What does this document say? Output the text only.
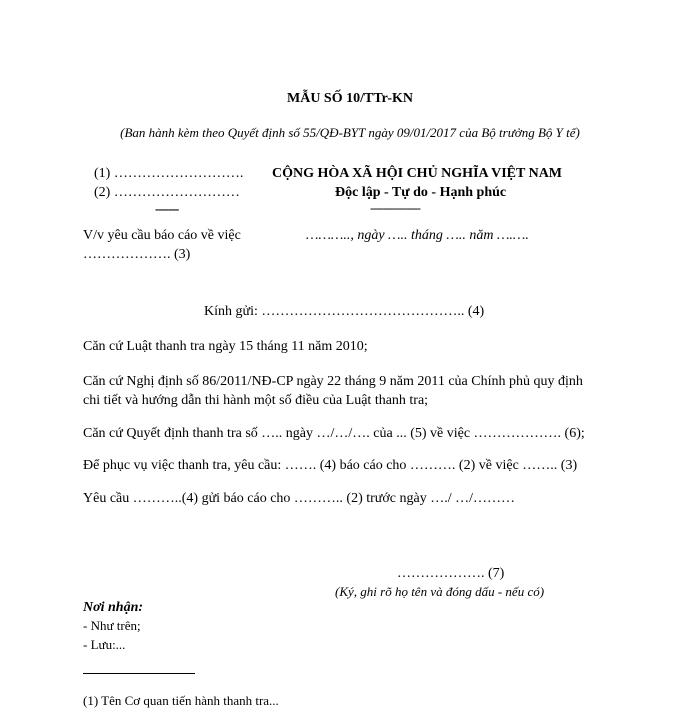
MẪU SỐ 10/TTr-KN
(Ban hành kèm theo Quyết định số 55/QĐ-BYT ngày 09/01/2017 của Bộ trưởng Bộ Y tế)
(1) ……………………….
(2) ………………………
-------
CỘNG HÒA XÃ HỘI CHỦ NGHĨA VIỆT NAM
Độc lập - Tự do - Hạnh phúc
---------------
V/v yêu cầu báo cáo về việc
………………. (3)
……….., ngày ….. tháng ….. năm ….….
Kính gửi: …………………………………….. (4)
Căn cứ Luật thanh tra ngày 15 tháng 11 năm 2010;
Căn cứ Nghị định số 86/2011/NĐ-CP ngày 22 tháng 9 năm 2011 của Chính phủ quy định
chi tiết và hướng dẫn thi hành một số điều của Luật thanh tra;
Căn cứ Quyết định thanh tra số ….. ngày …/…/…. của ... (5) về việc ………………. (6);
Để phục vụ việc thanh tra, yêu cầu: ……. (4) báo cáo cho ………. (2) về việc …….. (3)
Yêu cầu ………..(4) gửi báo cáo cho ……….. (2) trước ngày …./ …/………
………………. (7)
(Ký, ghi rõ họ tên và đóng dấu - nếu có)
Nơi nhận:
- Như trên;
- Lưu:...
(1) Tên Cơ quan tiến hành thanh tra...
